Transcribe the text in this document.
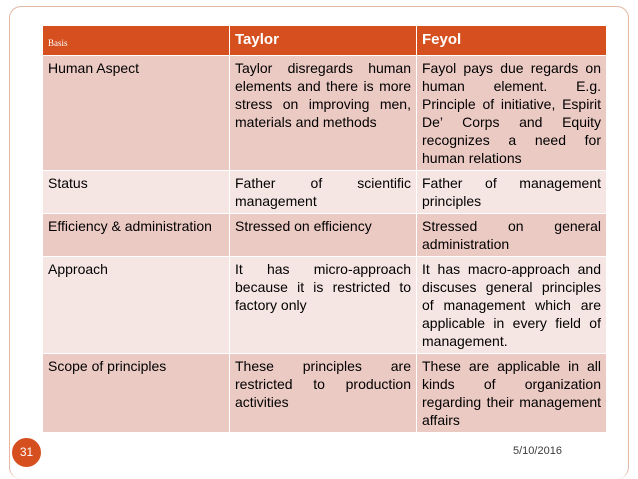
Basis	Taylor	Feyol
Human Aspect	Taylor disregards human elements and there is more stress on improving men, materials and methods	Fayol pays due regards on human element. E.g. Principle of initiative, Espirit De’ Corps and Equity recognizes a need for human relations
Status	Father of scientific management	Father of management principles
Efficiency & administration	Stressed on efficiency	Stressed on general administration
Approach	It has micro-approach because it is restricted to factory only	It has macro-approach and discuses general principles of management which are applicable in every field of management.
Scope of principles	These principles are restricted to production activities	These are applicable in all kinds of organization regarding their management affairs
31	5/10/2016
